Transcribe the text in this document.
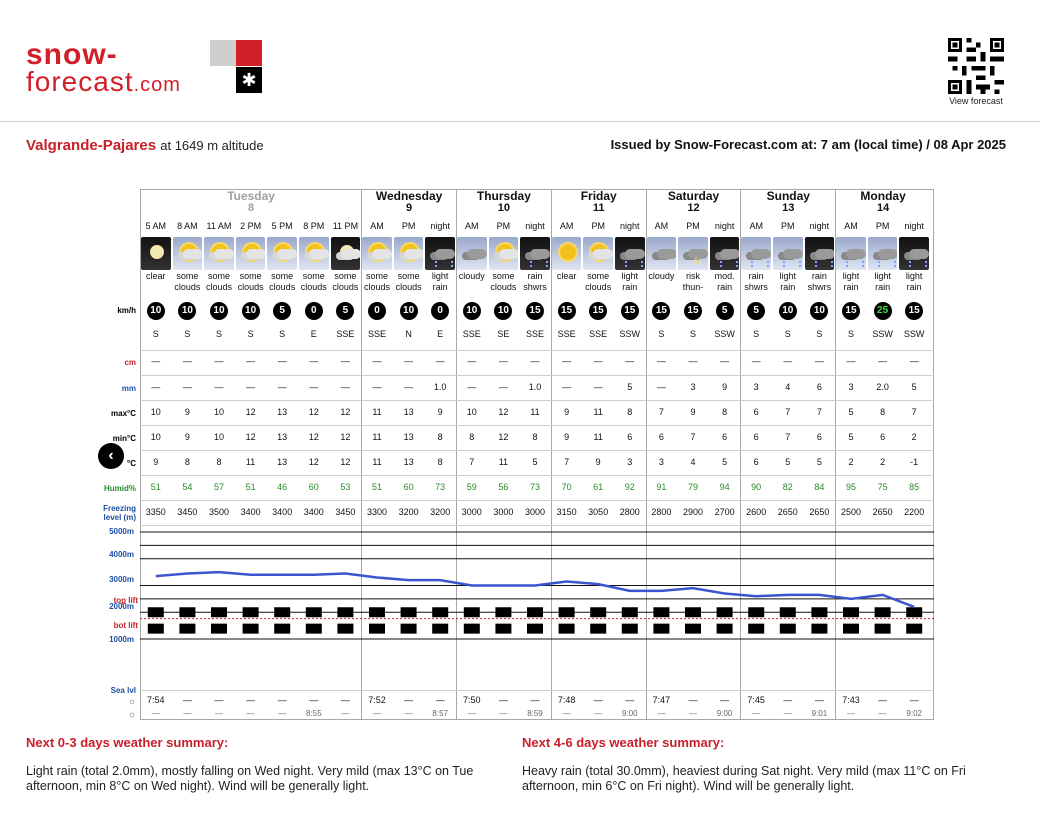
snow-
forecast.com	✱
View forecast
Valgrande-Pajares at 1649 m altitude	Issued by Snow-Forecast.com at: 7 am (local time) / 08 Apr 2025
km/h
cm
mm
max°C
min°C
°C
Humid%
Freezing level (m)
Sea lvl
☼
☼
‹
Tuesday
8
Wednesday
9
Thursday
10
Friday
11
Saturday
12
Sunday
13
Monday
14
5 AM
clear
S
—
—
10
10
9
51
3350
7:54
—
10
8 AM
some clouds
S
—
—
9
9
8
54
3450
—
—
10
11 AM
some clouds
S
—
—
10
10
8
57
3500
—
—
10
2 PM
some clouds
S
—
—
12
12
11
51
3400
—
—
10
5 PM
some clouds
S
—
—
13
13
13
46
3400
—
—
5
8 PM
some clouds
E
—
—
12
12
12
60
3400
—
8:55
0
11 PM
some clouds
SSE
—
—
12
12
12
53
3450
—
—
5
AM
some clouds
SSE
—
—
11
11
11
51
3300
7:52
—
0
PM
some clouds
N
—
—
13
13
13
60
3200
—
—
10
night
light rain
E
—
1.0
9
8
8
73
3200
—
8:57
0
AM
cloudy
SSE
—
—
10
8
7
59
3000
7:50
—
10
PM
some clouds
SE
—
—
12
12
11
56
3000
—
—
10
night
rain shwrs
SSE
—
1.0
11
8
5
73
3000
—
8:59
15
AM
clear
SSE
—
—
9
9
7
70
3150
7:48
—
15
PM
some clouds
SSE
—
—
11
11
9
61
3050
—
—
15
night
light rain
SSW
—
5
8
6
3
92
2800
—
9:00
15
AM
cloudy
S
—
—
7
6
3
91
2800
7:47
—
15
PM
risk thun-
S
—
3
9
7
4
79
2900
—
—
ϟ
15
night
mod. rain
SSW
—
9
8
6
5
94
2700
—
9:00
5
AM
rain shwrs
S
—
3
6
6
6
90
2600
7:45
—
5
PM
light rain
S
—
4
7
7
5
82
2650
—
—
10
night
rain shwrs
S
—
6
7
6
5
84
2650
—
9:01
10
AM
light rain
S
—
3
5
5
2
95
2500
7:43
—
15
PM
light rain
SSW
—
2.0
8
6
2
75
2650
—
—
25
night
light rain
SSW
—
5
7
2
-1
85
2200
—
9:02
15
5000m
4000m
3000m
2000m
1000m
top lift
bot lift
Next 0-3 days weather summary:
Light rain (total 2.0mm), mostly falling on Wed night. Very mild (max 13°C on Tue afternoon, min 8°C on Wed night). Wind will be generally light.
Next 4-6 days weather summary:
Heavy rain (total 30.0mm), heaviest during Sat night. Very mild (max 11°C on Fri afternoon, min 6°C on Fri night). Wind will be generally light.
